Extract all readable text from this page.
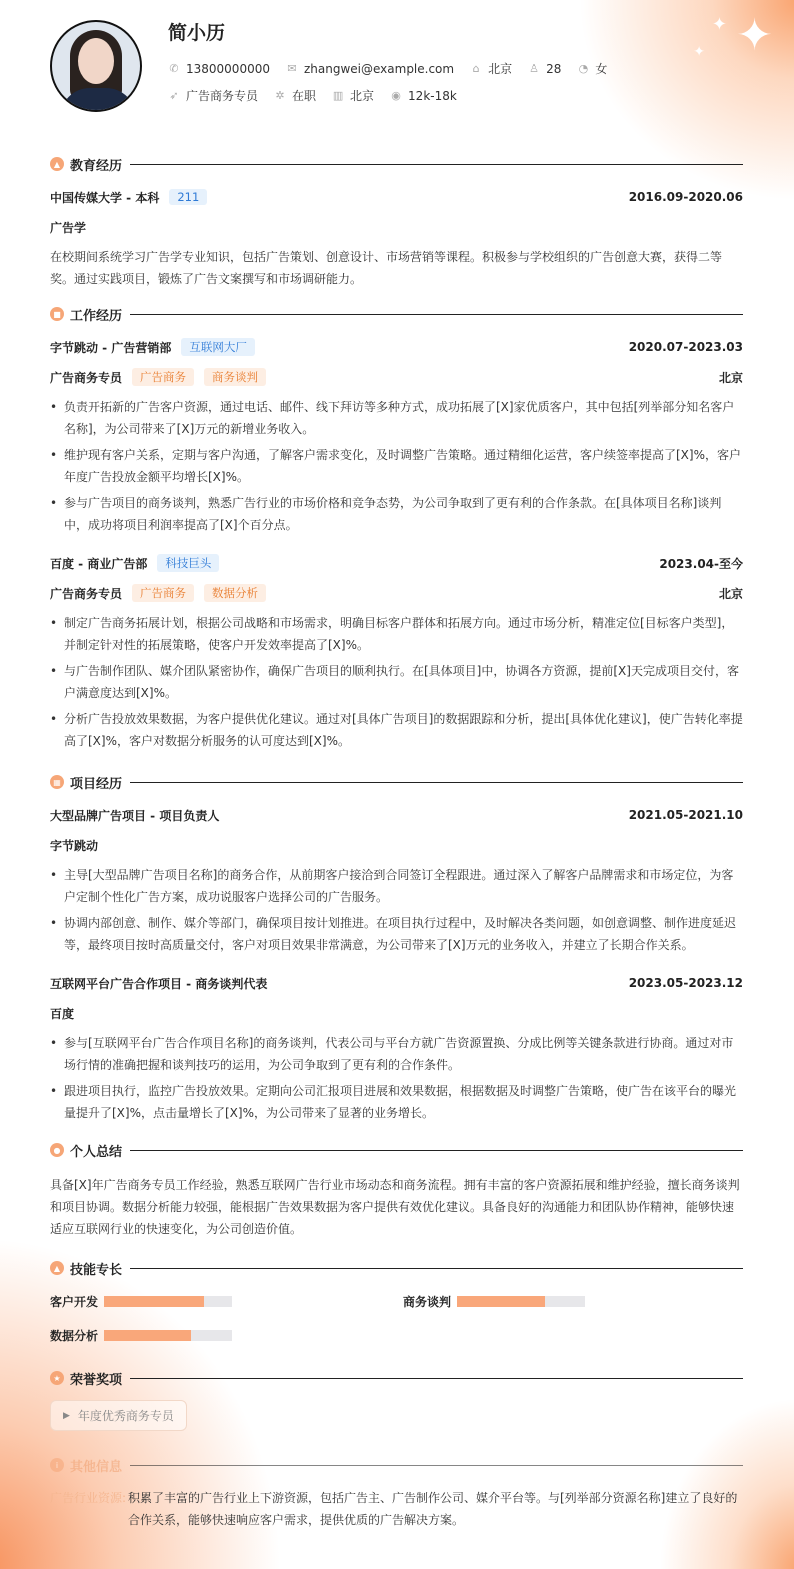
简小历
✆ 13800000000 ✉ zhangwei@example.com ⌂ 北京 ♙ 28 ◔ 女
➶ 广告商务专员 ✲ 在职 ▥ 北京 ◉ 12k-18k
✦
✦
✦
▲ 教育经历
中国传媒大学 - 本科	211	2016.09-2020.06
广告学
在校期间系统学习广告学专业知识，包括广告策划、创意设计、市场营销等课程。积极参与学校组织的广告创意大赛，获得二等奖。通过实践项目，锻炼了广告文案撰写和市场调研能力。
■ 工作经历
字节跳动 - 广告营销部	互联网大厂	2020.07-2023.03
广告商务专员	广告商务	商务谈判	北京
• 负责开拓新的广告客户资源，通过电话、邮件、线下拜访等多种方式，成功拓展了[X]家优质客户，其中包括[列举部分知名客户名称]，为公司带来了[X]万元的新增业务收入。
• 维护现有客户关系，定期与客户沟通，了解客户需求变化，及时调整广告策略。通过精细化运营，客户续签率提高了[X]%，客户年度广告投放金额平均增长[X]%。
• 参与广告项目的商务谈判，熟悉广告行业的市场价格和竞争态势，为公司争取到了更有利的合作条款。在[具体项目名称]谈判中，成功将项目利润率提高了[X]个百分点。
百度 - 商业广告部	科技巨头	2023.04-至今
广告商务专员	广告商务	数据分析	北京
• 制定广告商务拓展计划，根据公司战略和市场需求，明确目标客户群体和拓展方向。通过市场分析，精准定位[目标客户类型]，并制定针对性的拓展策略，使客户开发效率提高了[X]%。
• 与广告制作团队、媒介团队紧密协作，确保广告项目的顺利执行。在[具体项目]中，协调各方资源，提前[X]天完成项目交付，客户满意度达到[X]%。
• 分析广告投放效果数据，为客户提供优化建议。通过对[具体广告项目]的数据跟踪和分析，提出[具体优化建议]，使广告转化率提高了[X]%，客户对数据分析服务的认可度达到[X]%。
▦ 项目经历
大型品牌广告项目 - 项目负责人	2021.05-2021.10
字节跳动
• 主导[大型品牌广告项目名称]的商务合作，从前期客户接洽到合同签订全程跟进。通过深入了解客户品牌需求和市场定位，为客户定制个性化广告方案，成功说服客户选择公司的广告服务。
• 协调内部创意、制作、媒介等部门，确保项目按计划推进。在项目执行过程中，及时解决各类问题，如创意调整、制作进度延迟等，最终项目按时高质量交付，客户对项目效果非常满意，为公司带来了[X]万元的业务收入，并建立了长期合作关系。
互联网平台广告合作项目 - 商务谈判代表	2023.05-2023.12
百度
• 参与[互联网平台广告合作项目名称]的商务谈判，代表公司与平台方就广告资源置换、分成比例等关键条款进行协商。通过对市场行情的准确把握和谈判技巧的运用，为公司争取到了更有利的合作条件。
• 跟进项目执行，监控广告投放效果。定期向公司汇报项目进展和效果数据，根据数据及时调整广告策略，使广告在该平台的曝光量提升了[X]%，点击量增长了[X]%，为公司带来了显著的业务增长。
● 个人总结
具备[X]年广告商务专员工作经验，熟悉互联网广告行业市场动态和商务流程。拥有丰富的客户资源拓展和维护经验，擅长商务谈判和项目协调。数据分析能力较强，能根据广告效果数据为客户提供有效优化建议。具备良好的沟通能力和团队协作精神，能够快速适应互联网行业的快速变化，为公司创造价值。
▲ 技能专长
客户开发	商务谈判
数据分析
★ 荣誉奖项
▶ 年度优秀商务专员
i 其他信息
广告行业资源: 积累了丰富的广告行业上下游资源，包括广告主、广告制作公司、媒介平台等。与[列举部分资源名称]建立了良好的合作关系，能够快速响应客户需求，提供优质的广告解决方案。
